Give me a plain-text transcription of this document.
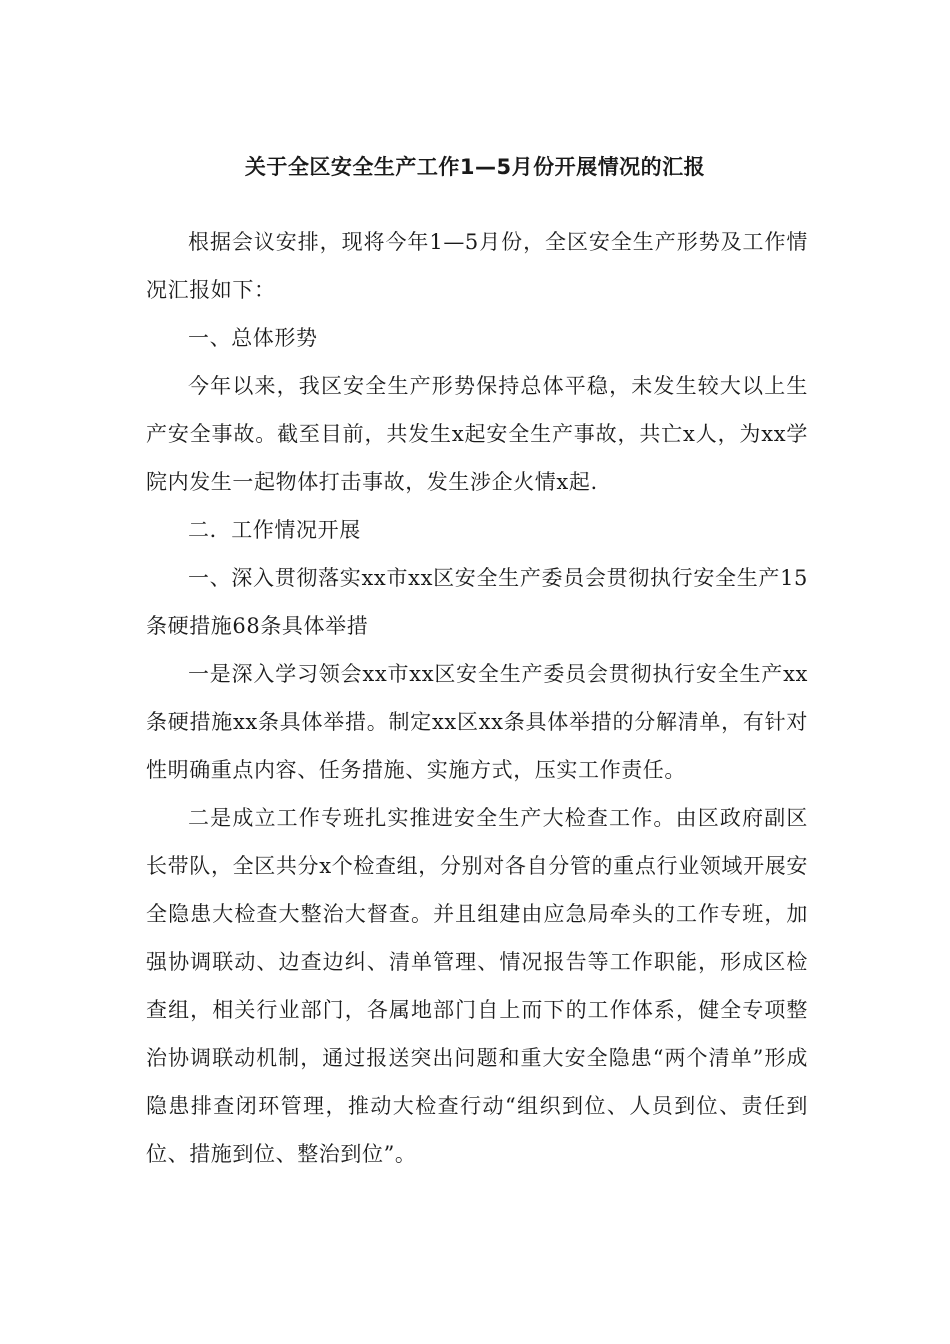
关于全区安全生产工作1—5月份开展情况的汇报

根据会议安排，现将今年1—5月份，全区安全生产形势及工作情况汇报如下：

一、总体形势

今年以来，我区安全生产形势保持总体平稳，未发生较大以上生产安全事故。截至目前，共发生x起安全生产事故，共亡x人，为xx学院内发生一起物体打击事故，发生涉企火情x起.

二．工作情况开展

一、深入贯彻落实xx市xx区安全生产委员会贯彻执行安全生产15条硬措施68条具体举措

一是深入学习领会xx市xx区安全生产委员会贯彻执行安全生产xx条硬措施xx条具体举措。制定xx区xx条具体举措的分解清单，有针对性明确重点内容、任务措施、实施方式，压实工作责任。

二是成立工作专班扎实推进安全生产大检查工作。由区政府副区长带队，全区共分x个检查组，分别对各自分管的重点行业领域开展安全隐患大检查大整治大督查。并且组建由应急局牵头的工作专班，加强协调联动、边查边纠、清单管理、情况报告等工作职能，形成区检查组，相关行业部门，各属地部门自上而下的工作体系，健全专项整治协调联动机制，通过报送突出问题和重大安全隐患“两个清单”形成隐患排查闭环管理，推动大检查行动“组织到位、人员到位、责任到位、措施到位、整治到位”。
